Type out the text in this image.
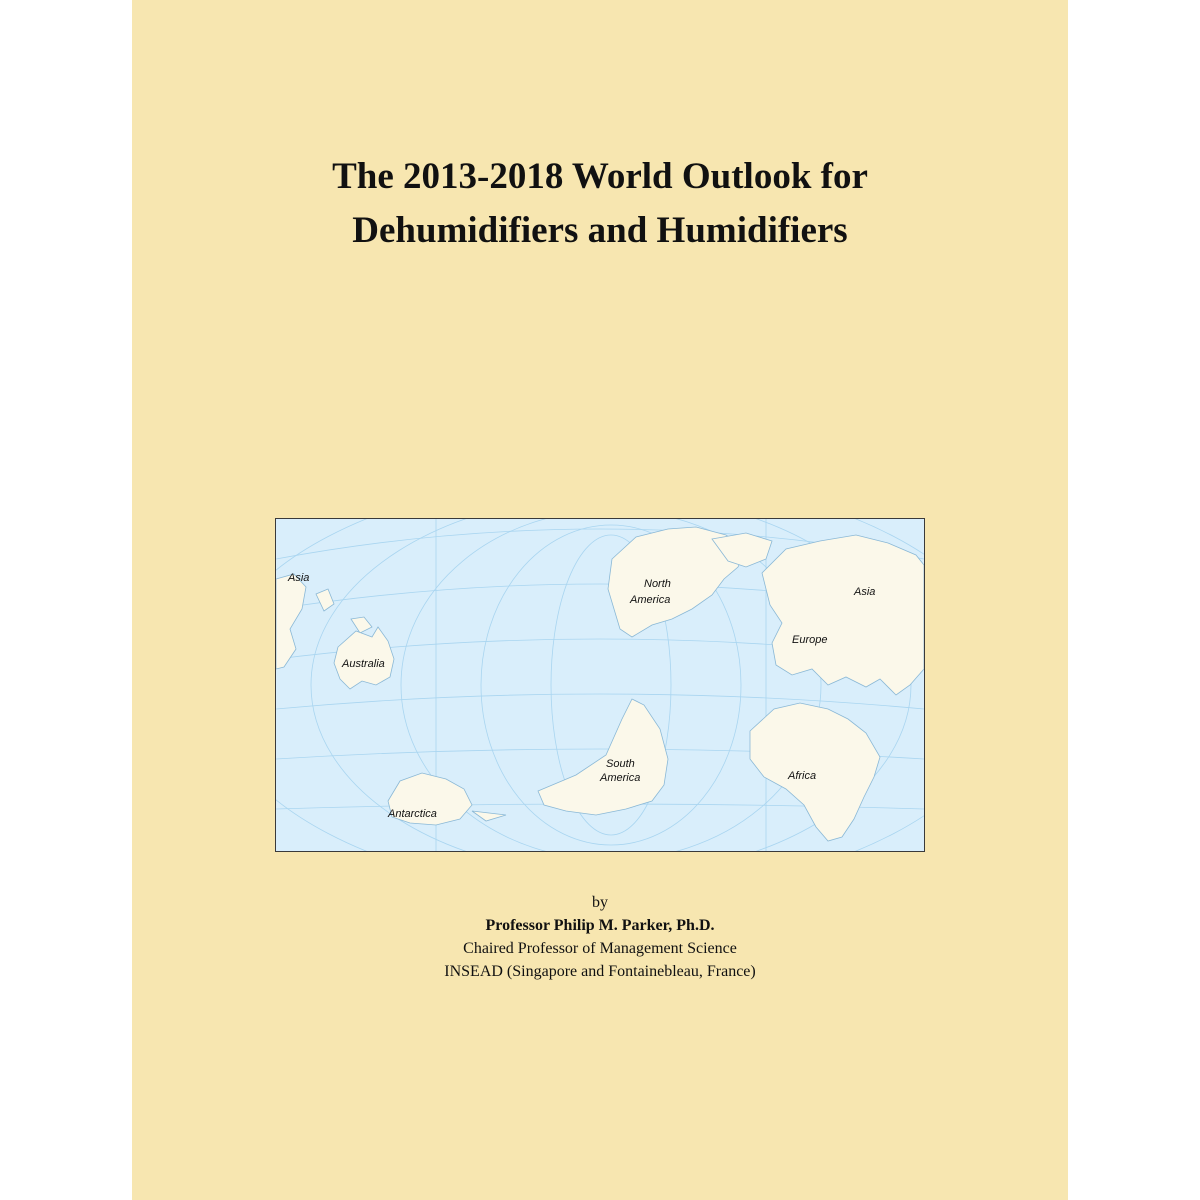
The 2013-2018 World Outlook for
Dehumidifiers and Humidifiers
Asia
Australia
Antarctica
North
America
South
America
Europe
Asia
Africa
by
Professor Philip M. Parker, Ph.D.
Chaired Professor of Management Science
INSEAD (Singapore and Fontainebleau, France)
